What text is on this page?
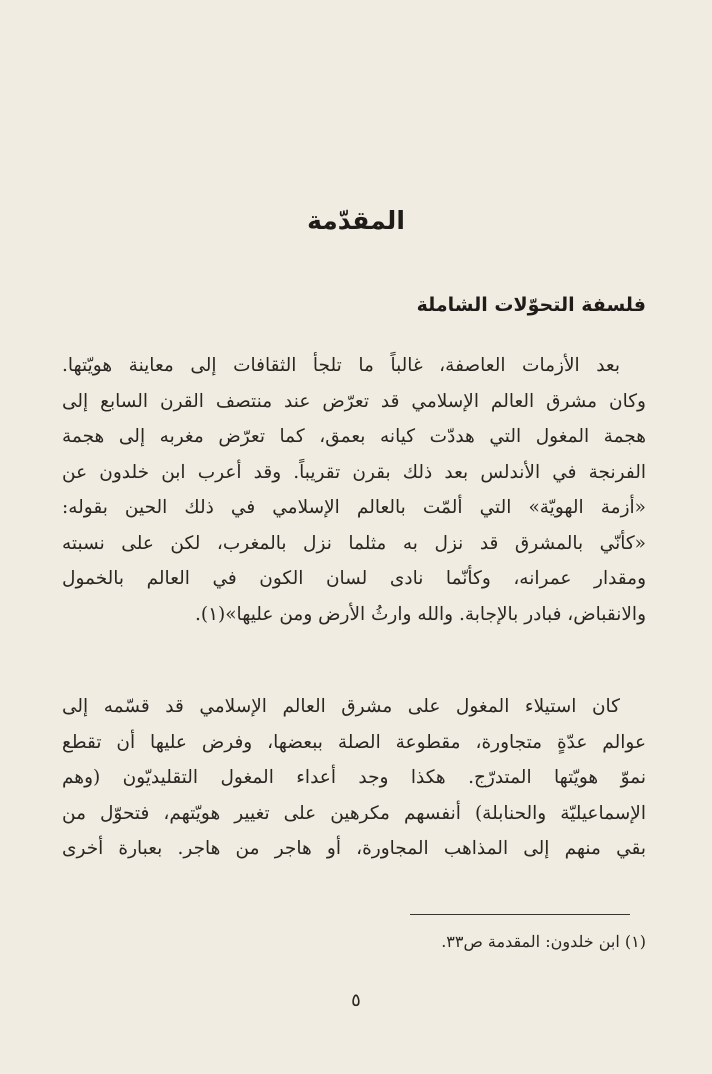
المقدّمة
فلسفة التحوّلات الشاملة
بعد الأزمات العاصفة، غالباً ما تلجأ الثقافات إلى معاينة هويّتها.
وكان مشرق العالم الإسلامي قد تعرّض عند منتصف القرن السابع إلى
هجمة المغول التي هددّت كيانه بعمق، كما تعرّض مغربه إلى هجمة
الفرنجة في الأندلس بعد ذلك بقرن تقريباً. وقد أعرب ابن خلدون عن
«أزمة الهويّة» التي ألمّت بالعالم الإسلامي في ذلك الحين بقوله:
«كأنّي بالمشرق قد نزل به مثلما نزل بالمغرب، لكن على نسبته
ومقدار عمرانه، وكأنّما نادى لسان الكون في العالم بالخمول
والانقباض، فبادر بالإجابة. والله وارثُ الأرض ومن عليها»(١).
كان استيلاء المغول على مشرق العالم الإسلامي قد قسّمه إلى
عوالم عدّةٍ متجاورة، مقطوعة الصلة ببعضها، وفرض عليها أن تقطع
نموّ هويّتها المتدرّج. هكذا وجد أعداء المغول التقليديّون (وهم
الإسماعيليّة والحنابلة) أنفسهم مكرهين على تغيير هويّتهم، فتحوّل من
بقي منهم إلى المذاهب المجاورة، أو هاجر من هاجر. بعبارة أخرى
(١) ابن خلدون: المقدمة ص٣٣.
٥
